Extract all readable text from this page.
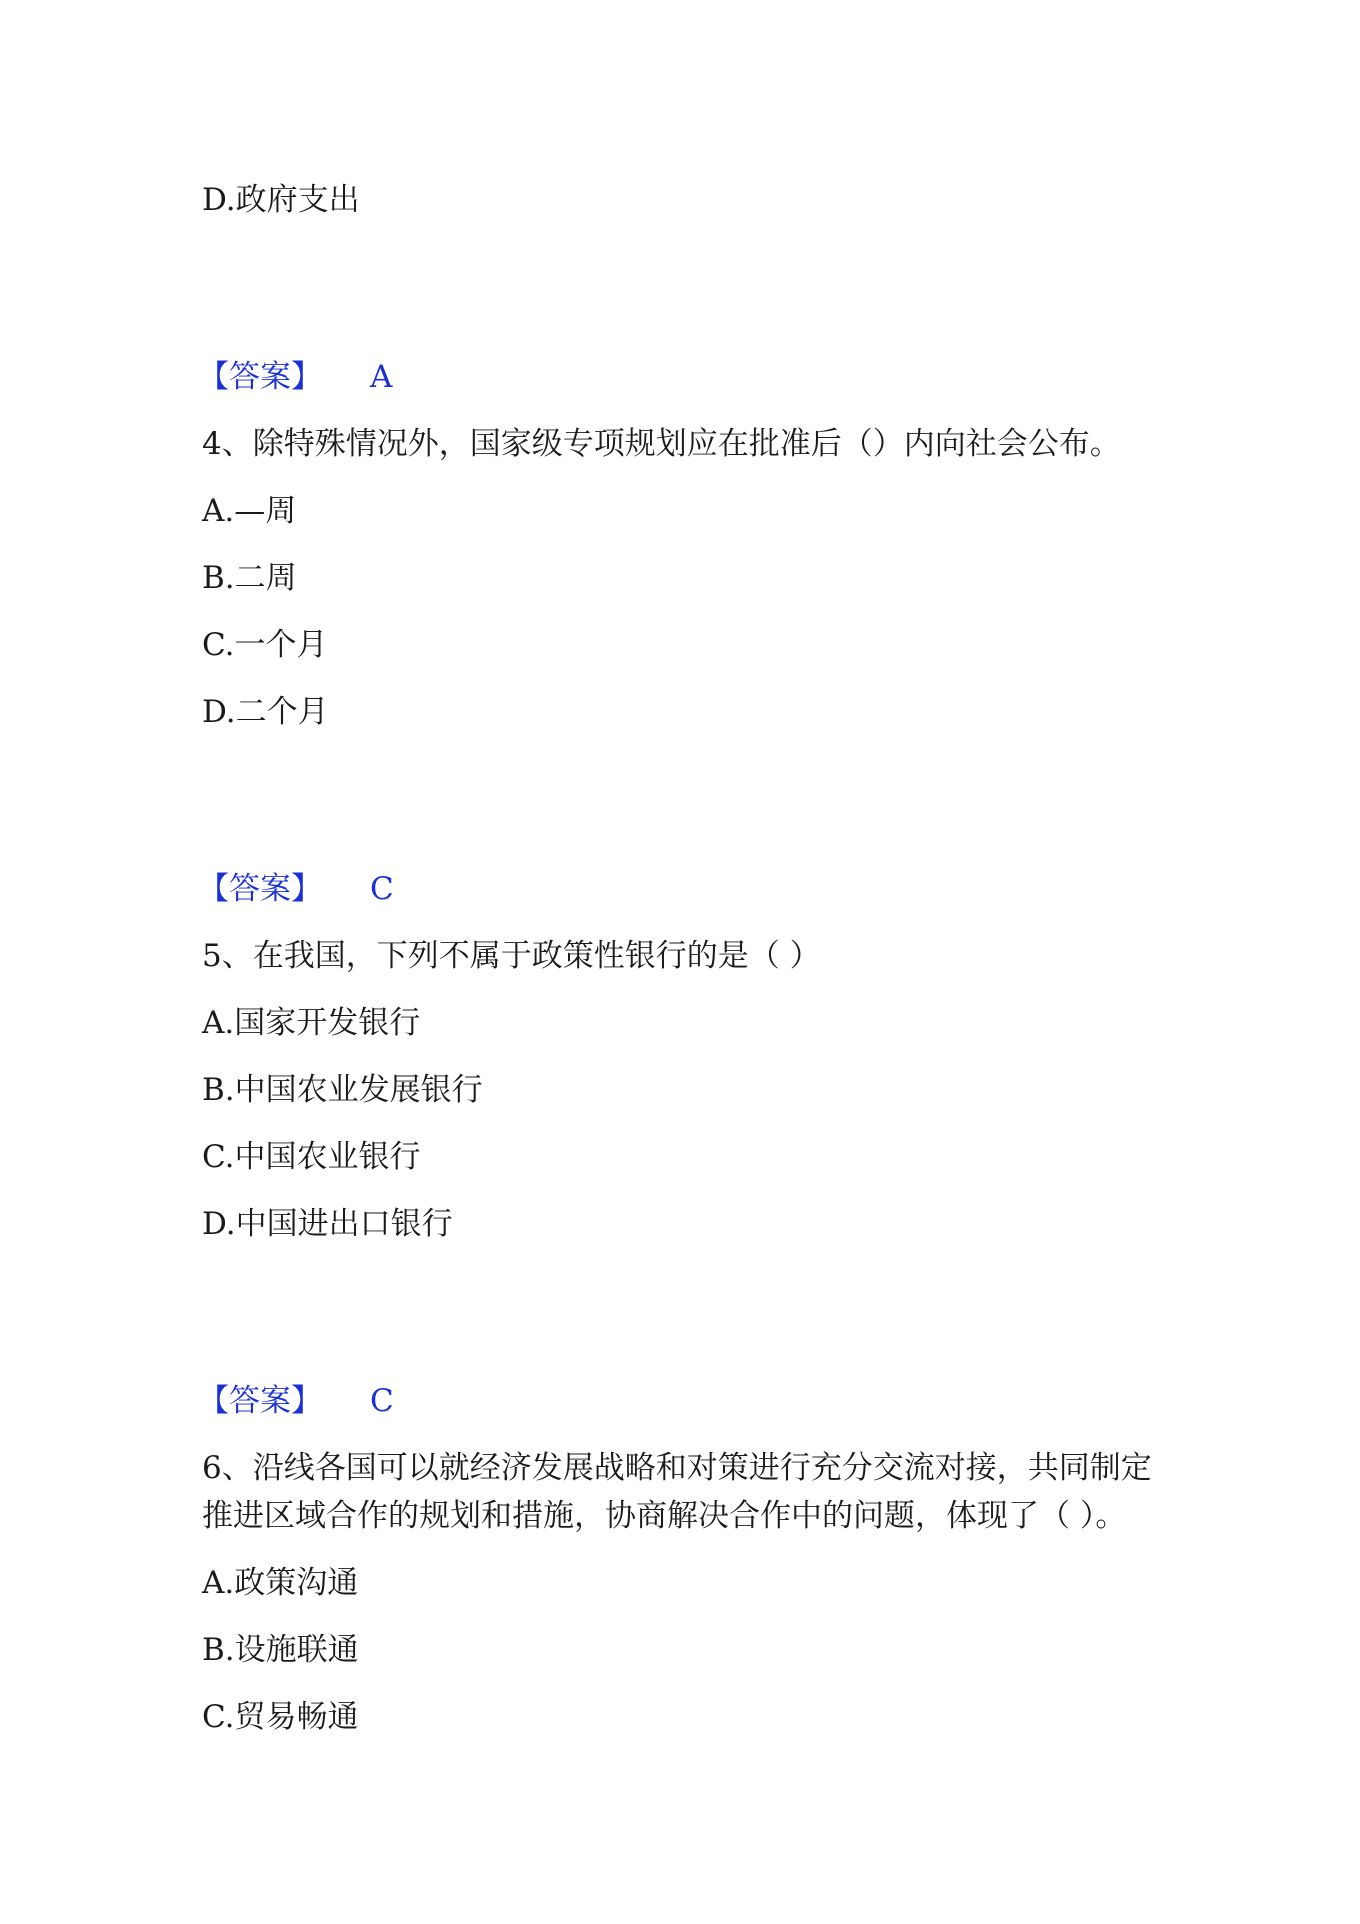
D.政府支出
【答案】 A
4、除特殊情况外，国家级专项规划应在批准后（）内向社会公布。
A.—周
B.二周
C.一个月
D.二个月
【答案】 C
5、在我国，下列不属于政策性银行的是（ ）
A.国家开发银行
B.中国农业发展银行
C.中国农业银行
D.中国进出口银行
【答案】 C
6、沿线各国可以就经济发展战略和对策进行充分交流对接，共同制定
推进区域合作的规划和措施，协商解决合作中的问题，体现了（ ）。
A.政策沟通
B.设施联通
C.贸易畅通
